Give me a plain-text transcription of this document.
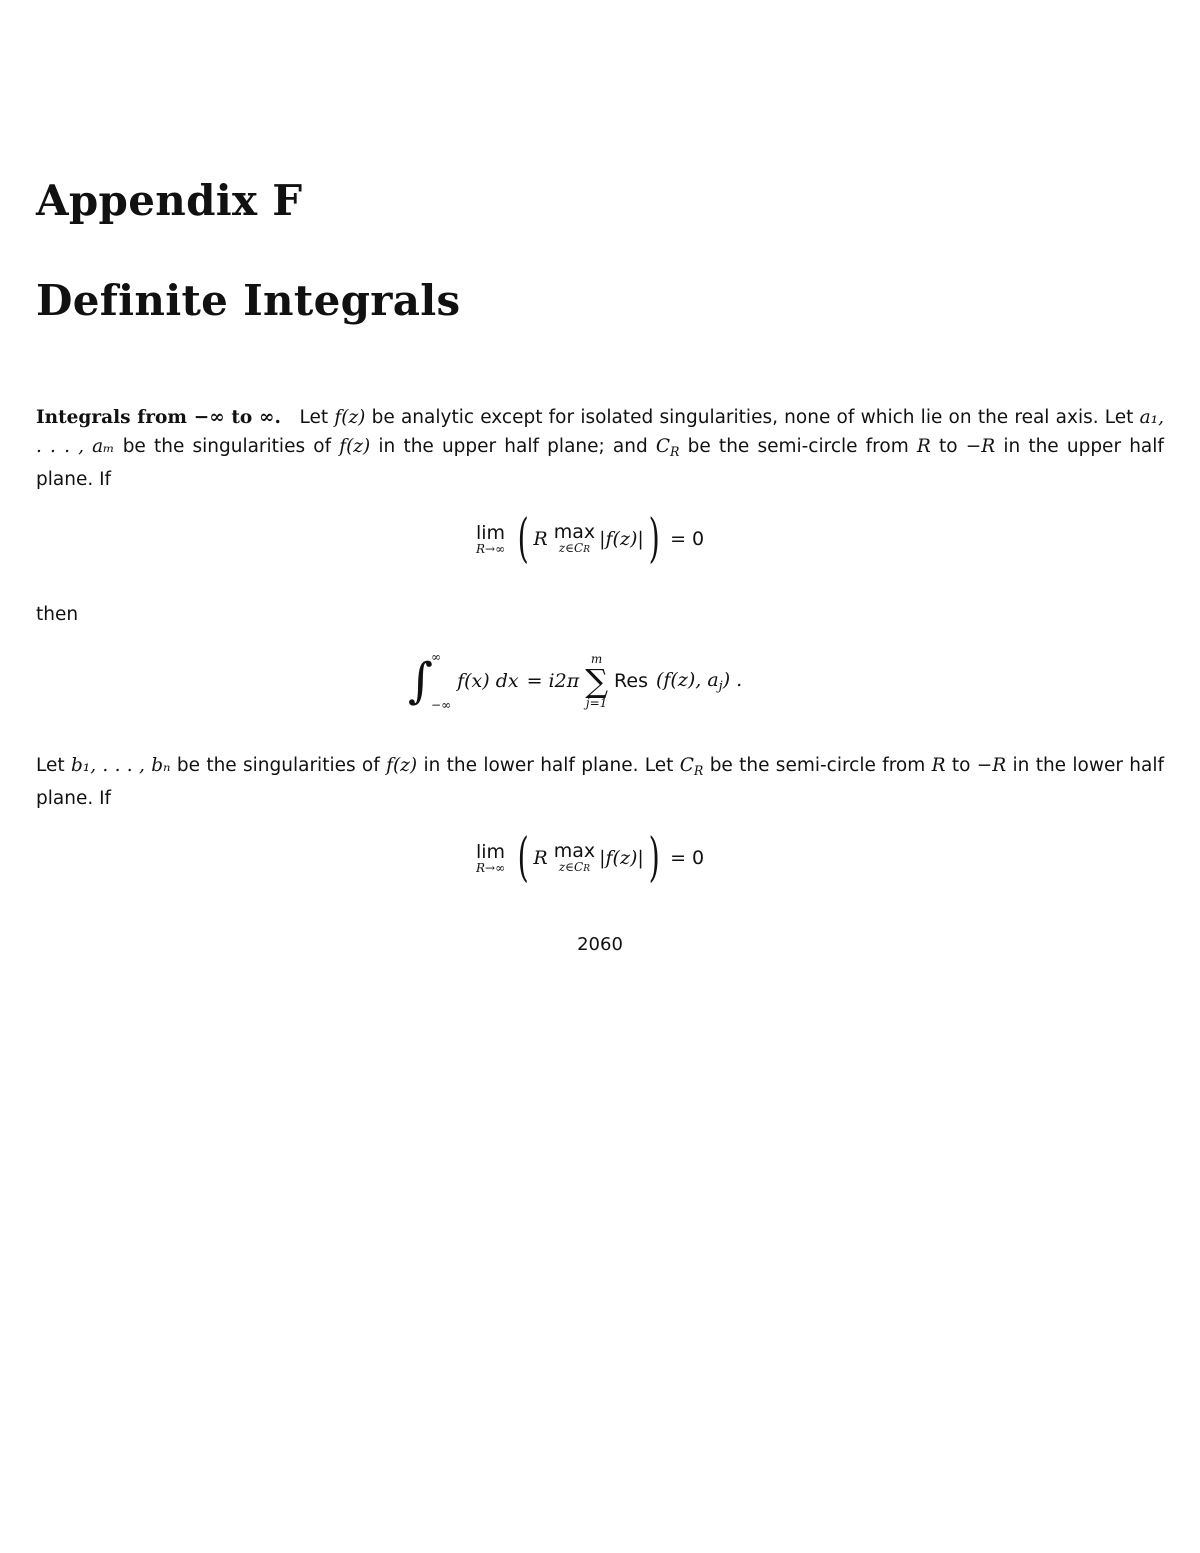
Appendix F
Definite Integrals
Integrals from −∞ to ∞. Let f(z) be analytic except for isolated singularities, none of which lie on the real axis. Let a₁, . . . , aₘ be the singularities of f(z) in the upper half plane; and $C_R$ be the semi-circle from R to −R in the upper half plane. If
lim
R→∞ ( R max
z∈CR |f(z)| ) = 0
then
∫
∞
−∞
f(x) dx = i2π
m
∑
j=1
Res (f(z), $a_j$) .
Let b₁, . . . , bₙ be the singularities of f(z) in the lower half plane. Let $C_R$ be the semi-circle from R to −R in the lower half plane. If
lim
R→∞ ( R max
z∈CR |f(z)| ) = 0
2060
